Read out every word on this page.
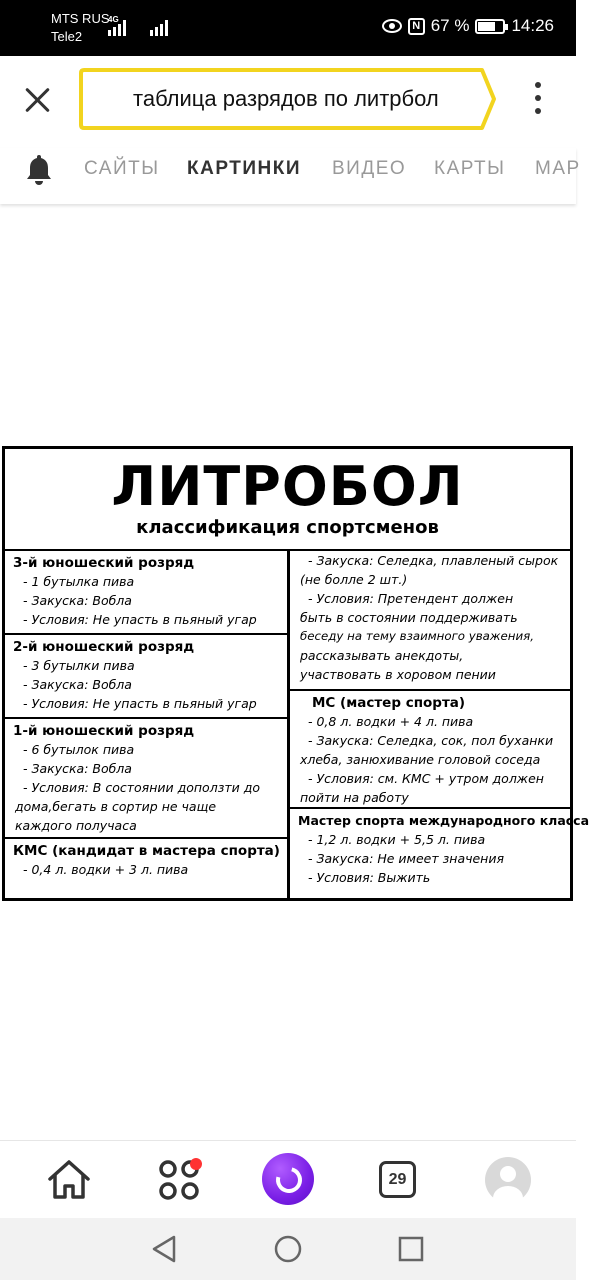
MTS RUS
Tele2
4G	N 67 % 14:26
таблица разрядов по литрбол
САЙТЫ КАРТИНКИ ВИДЕО КАРТЫ МАР
ЛИТРОБОЛ
классификация спортсменов
3-й юношеский розряд
- 1 бутылка пива
- Закуска: Вобла
- Условия: Не упасть в пьяный угар
2-й юношеский розряд
- 3 бутылки пива
- Закуска: Вобла
- Условия: Не упасть в пьяный угар
1-й юношеский розряд
- 6 бутылок пива
- Закуска: Вобла
- Условия: В состоянии доползти до
дома,бегать в сортир не чаще
каждого получаса
КМС (кандидат в мастера спорта)
- 0,4 л. водки + 3 л. пива
- Закуска: Селедка, плавленый сырок
(не болле 2 шт.)
- Условия: Претендент должен
быть в состоянии поддерживать
беседу на тему взаимного уважения,
рассказывать анекдоты,
участвовать в хоровом пении
МС (мастер спорта)
- 0,8 л. водки + 4 л. пива
- Закуска: Селедка, сок, пол буханки
хлеба, занюхивание головой соседа
- Условия: см. КМС + утром должен
пойти на работу
Мастер спорта международного класса
- 1,2 л. водки + 5,5 л. пива
- Закуска: Не имеет значения
- Условия: Выжить
29
